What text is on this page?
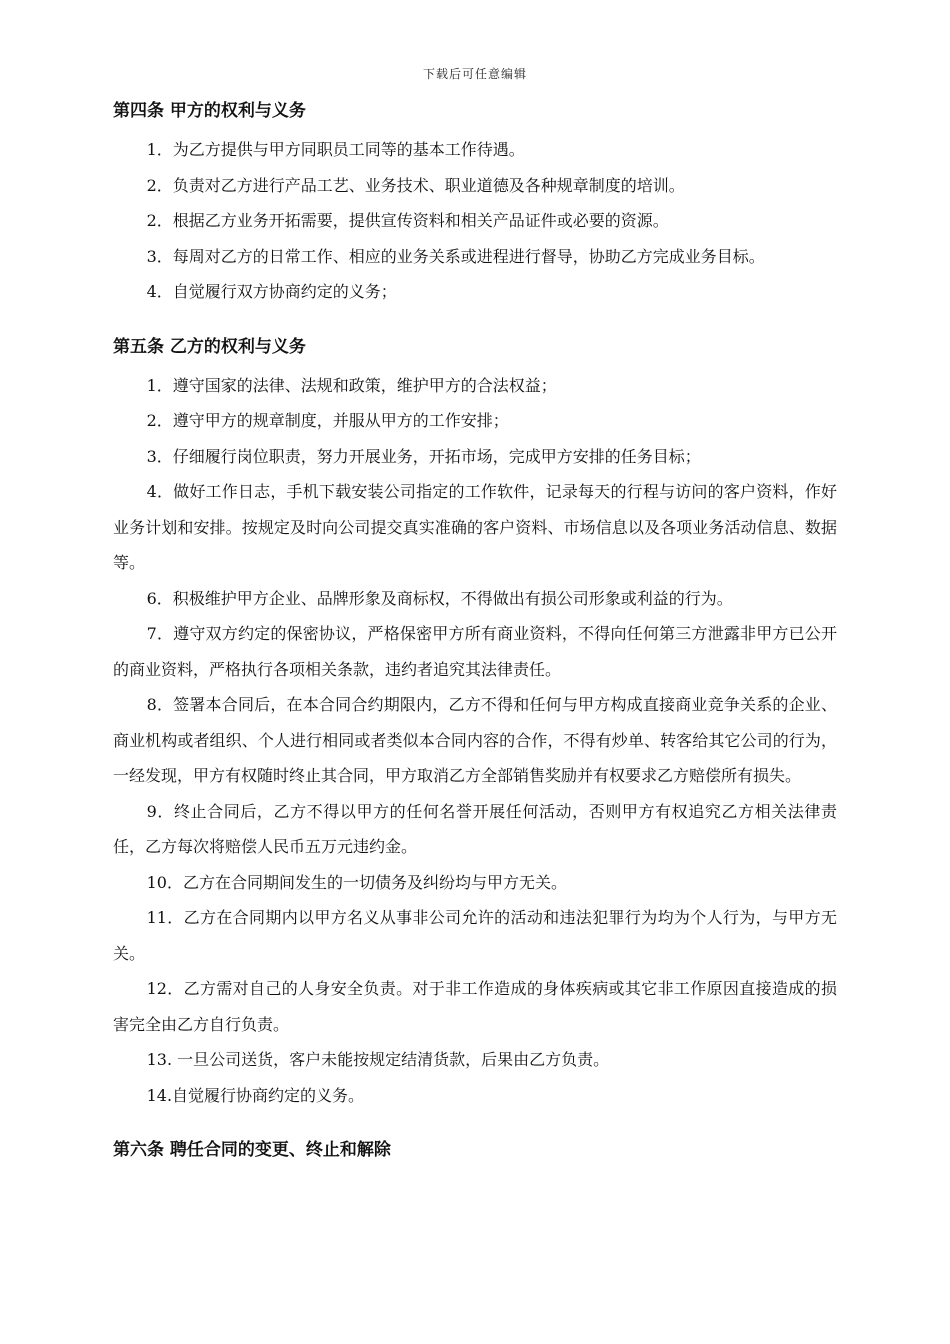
下载后可任意编辑
第四条 甲方的权利与义务

1．为乙方提供与甲方同职员工同等的基本工作待遇。

2．负责对乙方进行产品工艺、业务技术、职业道德及各种规章制度的培训。

2．根据乙方业务开拓需要，提供宣传资料和相关产品证件或必要的资源。

3．每周对乙方的日常工作、相应的业务关系或进程进行督导，协助乙方完成业务目标。

4．自觉履行双方协商约定的义务；

第五条 乙方的权利与义务

1．遵守国家的法律、法规和政策，维护甲方的合法权益；

2．遵守甲方的规章制度，并服从甲方的工作安排；

3．仔细履行岗位职责，努力开展业务，开拓市场，完成甲方安排的任务目标；

4．做好工作日志，手机下载安装公司指定的工作软件，记录每天的行程与访问的客户资料，作好业务计划和安排。按规定及时向公司提交真实准确的客户资料、市场信息以及各项业务活动信息、数据等。

6．积极维护甲方企业、品牌形象及商标权，不得做出有损公司形象或利益的行为。

7．遵守双方约定的保密协议，严格保密甲方所有商业资料，不得向任何第三方泄露非甲方已公开的商业资料，严格执行各项相关条款，违约者追究其法律责任。

8．签署本合同后，在本合同合约期限内，乙方不得和任何与甲方构成直接商业竞争关系的企业、商业机构或者组织、个人进行相同或者类似本合同内容的合作，不得有炒单、转客给其它公司的行为，一经发现，甲方有权随时终止其合同，甲方取消乙方全部销售奖励并有权要求乙方赔偿所有损失。

9．终止合同后，乙方不得以甲方的任何名誉开展任何活动，否则甲方有权追究乙方相关法律责任，乙方每次将赔偿人民币五万元违约金。

10．乙方在合同期间发生的一切债务及纠纷均与甲方无关。

11．乙方在合同期内以甲方名义从事非公司允许的活动和违法犯罪行为均为个人行为，与甲方无关。

12．乙方需对自己的人身安全负责。对于非工作造成的身体疾病或其它非工作原因直接造成的损害完全由乙方自行负责。

13. 一旦公司送货，客户未能按规定结清货款，后果由乙方负责。

14.自觉履行协商约定的义务。

第六条 聘任合同的变更、终止和解除
